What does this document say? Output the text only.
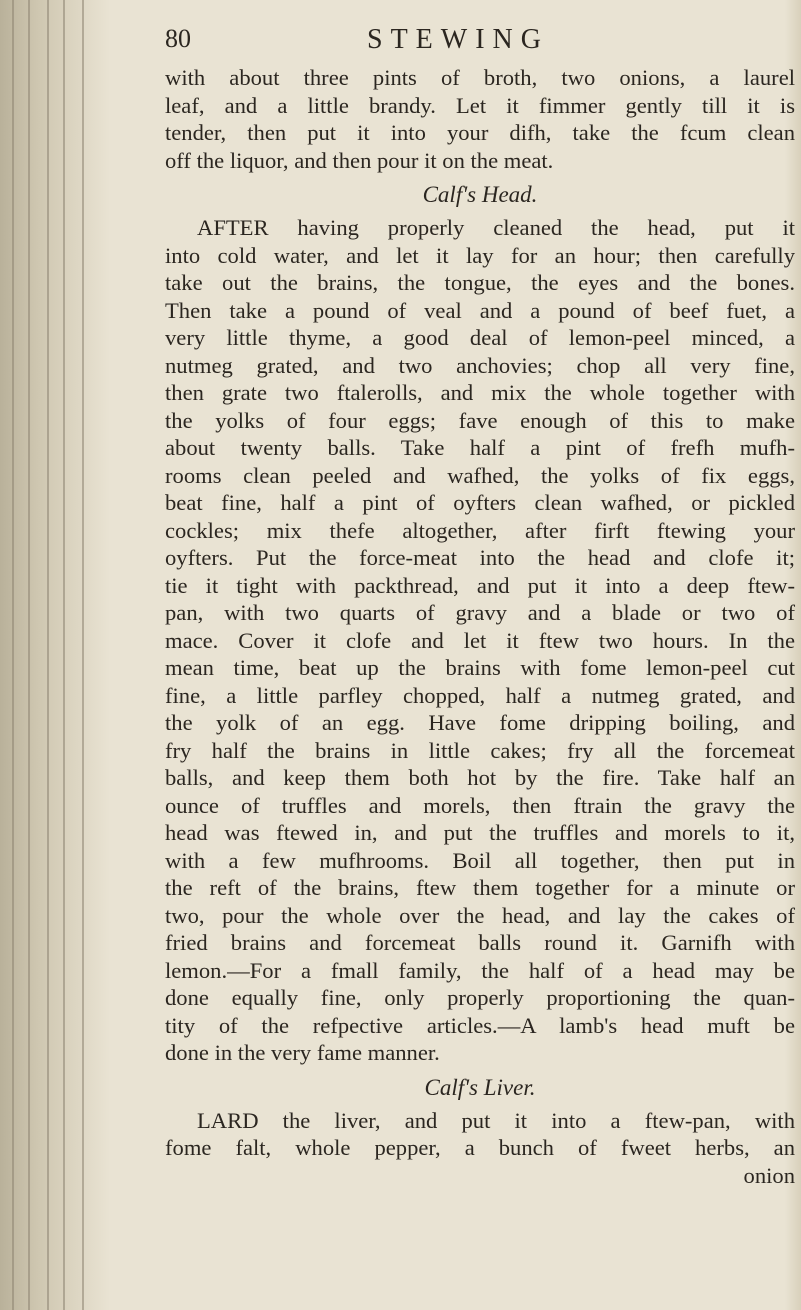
80	STEWING
with about three pints of broth, two onions, a laurel
leaf, and a little brandy. Let it fimmer gently till it is
tender, then put it into your difh, take the fcum clean
off the liquor, and then pour it on the meat.
Calf's Head.
AFTER having properly cleaned the head, put it
into cold water, and let it lay for an hour; then carefully
take out the brains, the tongue, the eyes and the bones.
Then take a pound of veal and a pound of beef fuet, a
very little thyme, a good deal of lemon-peel minced, a
nutmeg grated, and two anchovies; chop all very fine,
then grate two ftalerolls, and mix the whole together with
the yolks of four eggs; fave enough of this to make
about twenty balls. Take half a pint of frefh mufh-
rooms clean peeled and wafhed, the yolks of fix eggs,
beat fine, half a pint of oyfters clean wafhed, or pickled
cockles; mix thefe altogether, after firft ftewing your
oyfters. Put the force-meat into the head and clofe it;
tie it tight with packthread, and put it into a deep ftew-
pan, with two quarts of gravy and a blade or two of
mace. Cover it clofe and let it ftew two hours. In the
mean time, beat up the brains with fome lemon-peel cut
fine, a little parfley chopped, half a nutmeg grated, and
the yolk of an egg. Have fome dripping boiling, and
fry half the brains in little cakes; fry all the forcemeat
balls, and keep them both hot by the fire. Take half an
ounce of truffles and morels, then ftrain the gravy the
head was ftewed in, and put the truffles and morels to it,
with a few mufhrooms. Boil all together, then put in
the reft of the brains, ftew them together for a minute or
two, pour the whole over the head, and lay the cakes of
fried brains and forcemeat balls round it. Garnifh with
lemon.—For a fmall family, the half of a head may be
done equally fine, only properly proportioning the quan-
tity of the refpective articles.—A lamb's head muft be
done in the very fame manner.
Calf's Liver.
LARD the liver, and put it into a ftew-pan, with
fome falt, whole pepper, a bunch of fweet herbs, an
onion
